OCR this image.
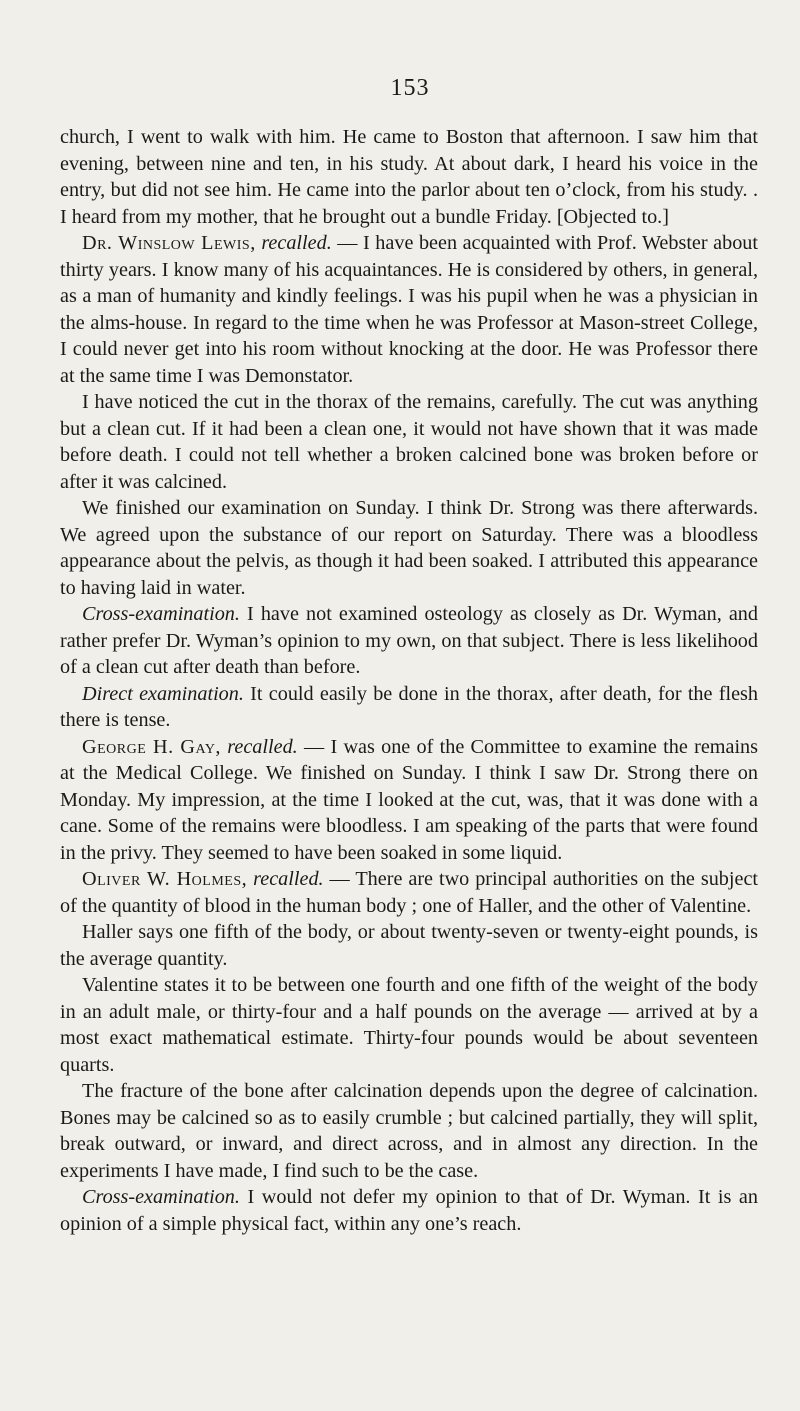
153

church, I went to walk with him. He came to Boston that afternoon. I saw him that evening, between nine and ten, in his study. At about dark, I heard his voice in the entry, but did not see him. He came into the parlor about ten o’clock, from his study. . I heard from my mother, that he brought out a bundle Friday. [Objected to.]

Dr. Winslow Lewis, recalled. — I have been acquainted with Prof. Webster about thirty years. I know many of his acquaintances. He is considered by others, in general, as a man of humanity and kindly feelings. I was his pupil when he was a physician in the alms-house. In regard to the time when he was Professor at Mason-street College, I could never get into his room without knocking at the door. He was Professor there at the same time I was Demonstator.

I have noticed the cut in the thorax of the remains, carefully. The cut was anything but a clean cut. If it had been a clean one, it would not have shown that it was made before death. I could not tell whether a broken calcined bone was broken before or after it was calcined.

We finished our examination on Sunday. I think Dr. Strong was there afterwards. We agreed upon the substance of our report on Saturday. There was a bloodless appearance about the pelvis, as though it had been soaked. I attributed this appearance to having laid in water.

Cross-examination. I have not examined osteology as closely as Dr. Wyman, and rather prefer Dr. Wyman’s opinion to my own, on that subject. There is less likelihood of a clean cut after death than before.

Direct examination. It could easily be done in the thorax, after death, for the flesh there is tense.

George H. Gay, recalled. — I was one of the Committee to examine the remains at the Medical College. We finished on Sunday. I think I saw Dr. Strong there on Monday. My impression, at the time I looked at the cut, was, that it was done with a cane. Some of the remains were bloodless. I am speaking of the parts that were found in the privy. They seemed to have been soaked in some liquid.

Oliver W. Holmes, recalled. — There are two principal authorities on the subject of the quantity of blood in the human body ; one of Haller, and the other of Valentine.

Haller says one fifth of the body, or about twenty-seven or twenty-eight pounds, is the average quantity.

Valentine states it to be between one fourth and one fifth of the weight of the body in an adult male, or thirty-four and a half pounds on the average — arrived at by a most exact mathematical estimate. Thirty-four pounds would be about seventeen quarts.

The fracture of the bone after calcination depends upon the degree of calcination. Bones may be calcined so as to easily crumble ; but calcined partially, they will split, break outward, or inward, and direct across, and in almost any direction. In the experiments I have made, I find such to be the case.

Cross-examination. I would not defer my opinion to that of Dr. Wyman. It is an opinion of a simple physical fact, within any one’s reach.
